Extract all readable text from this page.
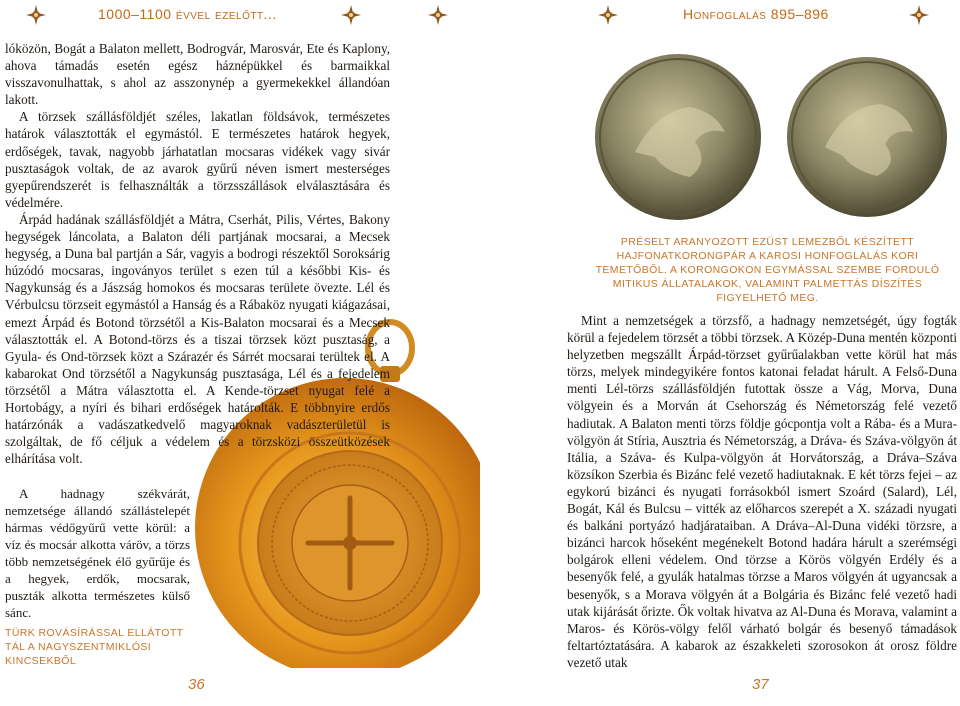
1000–1100 évvel ezelőtt...

lóközön, Bogát a Balaton mellett, Bodrogvár, Marosvár, Ete és Kaplony, ahova támadás esetén egész háznépükkel és barmaikkal visszavonulhattak, s ahol az asszonynép a gyermekekkel állandóan lakott.

A törzsek szállásföldjét széles, lakatlan földsávok, természetes határok választották el egymástól. E természetes határok hegyek, erdőségek, tavak, nagyobb járhatatlan mocsaras vidékek vagy sivár pusztaságok voltak, de az avarok gyűrű néven ismert mesterséges gyepűrendszerét is felhasználták a törzsszállások elválasztására és védelmére.

Árpád hadának szállásföldjét a Mátra, Cserhát, Pilis, Vértes, Bakony hegységek láncolata, a Balaton déli partjának mocsarai, a Mecsek hegység, a Duna bal partján a Sár, vagyis a bodrogi részektől Soroksárig húzódó mocsaras, ingoványos terület s ezen túl a későbbi Kis- és Nagykunság és a Jászság homokos és mocsaras területe övezte. Lél és Vérbulcsu törzseit egymástól a Hanság és a Rábaköz nyugati kiágazásai, emezt Árpád és Botond törzsétől a Kis-Balaton mocsarai és a Mecsek választották el. A Botond-törzs és a tiszai törzsek közt pusztaság, a Gyula- és Ond-törzsek közt a Szárazér és Sárrét mocsarai terültek el. A kabarokat Ond törzsétől a Nagykunság pusztasága, Lél és a fejedelem törzsétől a Mátra választotta el. A Kende-törzset nyugat felé a Hortobágy, a nyíri és bihari erdőségek határolták. E többnyire erdős határzónák a vadászatkedvelő magyaroknak vadászterületül is szolgáltak, de fő céljuk a védelem és a törzsközi összeütközések elhárítása volt.

A hadnagy székvárát, nemzetsége állandó szállástelepét hármas védőgyűrű vette körül: a víz és mocsár alkotta váröv, a törzs több nemzetségének élő gyűrűje és a hegyek, erdők, mocsarak, puszták alkotta természetes külső sánc.

TÜRK ROVÁSÍRÁSSAL ELLÁTOTT TÁL A NAGYSZENTMIKLÓSI KINCSEKBŐL
36
Honfoglalás 895–896
PRÉSELT ARANYOZOTT EZÜST LEMEZBŐL KÉSZÍTETT HAJFONATKORONGPÁR A KAROSI HONFOGLALÁS KORI TEMETŐBŐL. A KORONGOKON EGYMÁSSAL SZEMBE FORDULÓ MITIKUS ÁLLATALAKOK, VALAMINT PALMETTÁS DÍSZÍTÉS FIGYELHETŐ MEG.

Mint a nemzetségek a törzsfő, a hadnagy nemzetségét, úgy fogták körül a fejedelem törzsét a többi törzsek. A Közép-Duna mentén központi helyzetben megszállt Árpád-törzset gyűrűalakban vette körül hat más törzs, melyek mindegyikére fontos katonai feladat hárult. A Felső-Duna menti Lél-törzs szállásföldjén futottak össze a Vág, Morva, Duna völgyein és a Morván át Csehország és Németország felé vezető hadiutak. A Balaton menti törzs földje gócpontja volt a Rába- és a Mura-völgyön át Stíria, Ausztria és Németország, a Dráva- és Száva-völgyön át Itália, a Száva- és Kulpa-völgyön át Horvátország, a Dráva–Száva közsíkon Szerbia és Bizánc felé vezető hadiutaknak. E két törzs fejei – az egykorú bizánci és nyugati forrásokból ismert Szoárd (Salard), Lél, Bogát, Kál és Bulcsu – vitték az előharcos szerepét a X. századi nyugati és balkáni portyázó hadjárataiban. A Dráva–Al-Duna vidéki törzsre, a bizánci harcok hőseként megénekelt Botond hadára hárult a szerémségi bolgárok elleni védelem. Ond törzse a Körös völgyén Erdély és a besenyők felé, a gyulák hatalmas törzse a Maros völgyén át ugyancsak a besenyők, s a Morava völgyén át a Bolgária és Bizánc felé vezető hadi utak kijárását őrizte. Ők voltak hivatva az Al-Duna és Morava, valamint a Maros- és Körös-völgy felől várható bolgár és besenyő támadások feltartóztatására. A kabarok az északkeleti szorosokon át orosz földre vezető utak

37
